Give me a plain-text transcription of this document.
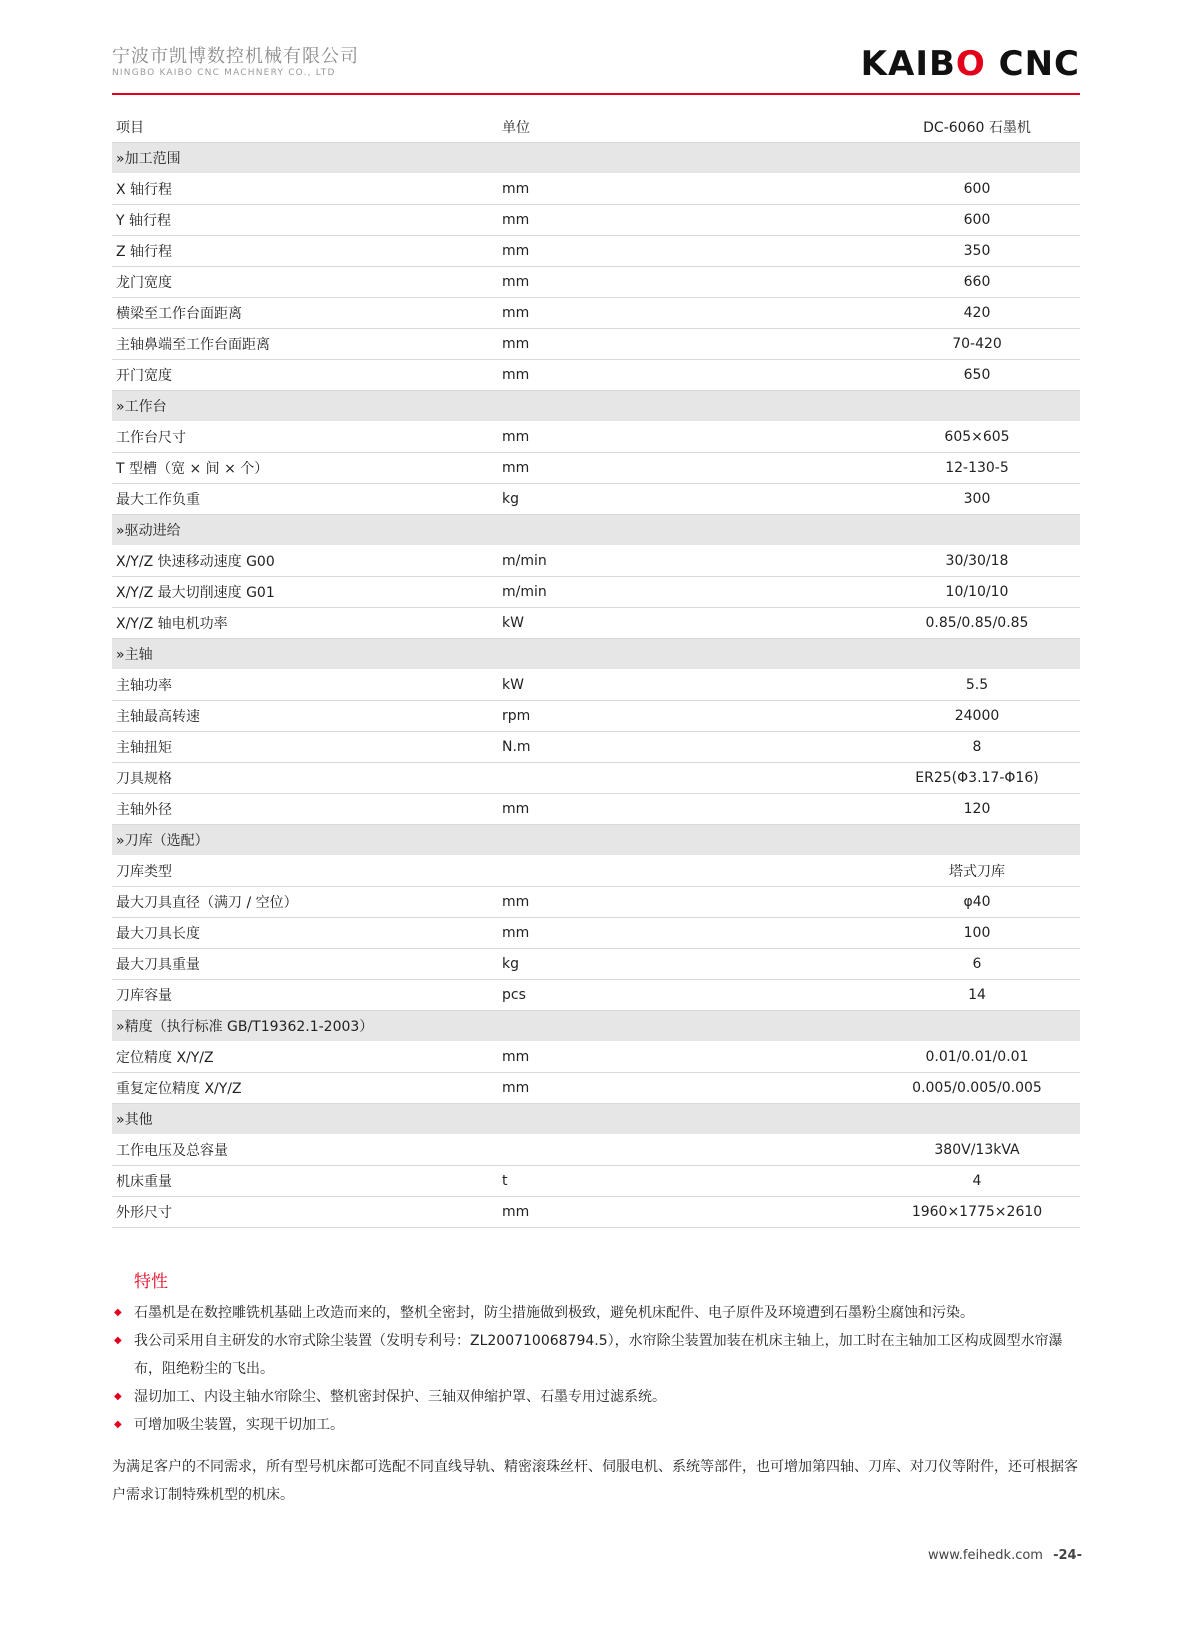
宁波市凯博数控机械有限公司
NINGBO KAIBO CNC MACHNERY CO., LTD	KAIBO CNC
项目	单位	DC-6060 石墨机
»加工范围		
X 轴行程	mm	600
Y 轴行程	mm	600
Z 轴行程	mm	350
龙门宽度	mm	660
横梁至工作台面距离	mm	420
主轴鼻端至工作台面距离	mm	70-420
开门宽度	mm	650
»工作台		
工作台尺寸	mm	605×605
T 型槽（宽 × 间 × 个）	mm	12-130-5
最大工作负重	kg	300
»驱动进给		
X/Y/Z 快速移动速度 G00	m/min	30/30/18
X/Y/Z 最大切削速度 G01	m/min	10/10/10
X/Y/Z 轴电机功率	kW	0.85/0.85/0.85
»主轴		
主轴功率	kW	5.5
主轴最高转速	rpm	24000
主轴扭矩	N.m	8
刀具规格		ER25(Φ3.17-Φ16)
主轴外径	mm	120
»刀库（选配）		
刀库类型		塔式刀库
最大刀具直径（满刀 / 空位）	mm	φ40
最大刀具长度	mm	100
最大刀具重量	kg	6
刀库容量	pcs	14
»精度（执行标准 GB/T19362.1-2003）		
定位精度 X/Y/Z	mm	0.01/0.01/0.01
重复定位精度 X/Y/Z	mm	0.005/0.005/0.005
»其他		
工作电压及总容量		380V/13kVA
机床重量	t	4
外形尺寸	mm	1960×1775×2610
特性
◆ 石墨机是在数控雕铣机基础上改造而来的，整机全密封，防尘措施做到极致，避免机床配件、电子原件及环境遭到石墨粉尘腐蚀和污染。
◆ 我公司采用自主研发的水帘式除尘装置（发明专利号：ZL200710068794.5），水帘除尘装置加装在机床主轴上，加工时在主轴加工区构成圆型水帘瀑布，阻绝粉尘的飞出。
◆ 湿切加工、内设主轴水帘除尘、整机密封保护、三轴双伸缩护罩、石墨专用过滤系统。
◆ 可增加吸尘装置，实现干切加工。

为满足客户的不同需求，所有型号机床都可选配不同直线导轨、精密滚珠丝杆、伺服电机、系统等部件，也可增加第四轴、刀库、对刀仪等附件，还可根据客户需求订制特殊机型的机床。

www.feihedk.com -24-
